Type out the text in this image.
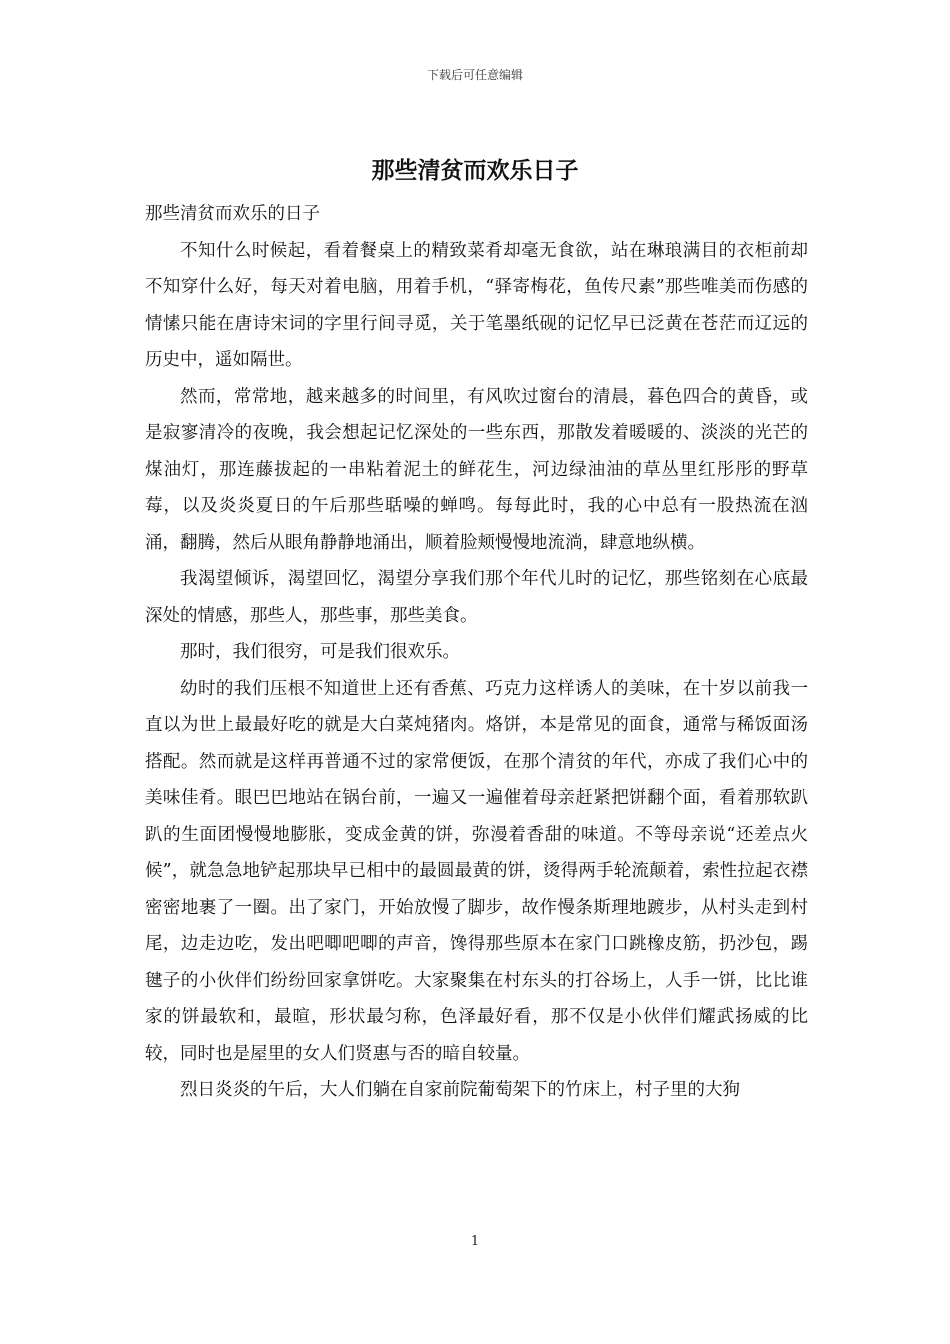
下载后可任意编辑
那些清贫而欢乐日子

那些清贫而欢乐的日子

不知什么时候起，看着餐桌上的精致菜肴却毫无食欲，站在琳琅满目的衣柜前却不知穿什么好，每天对着电脑，用着手机，“驿寄梅花，鱼传尺素”那些唯美而伤感的情愫只能在唐诗宋词的字里行间寻觅，关于笔墨纸砚的记忆早已泛黄在苍茫而辽远的历史中，遥如隔世。

然而，常常地，越来越多的时间里，有风吹过窗台的清晨，暮色四合的黄昏，或是寂寥清冷的夜晚，我会想起记忆深处的一些东西，那散发着暖暖的、淡淡的光芒的煤油灯，那连藤拔起的一串粘着泥土的鲜花生，河边绿油油的草丛里红彤彤的野草莓，以及炎炎夏日的午后那些聒噪的蝉鸣。每每此时，我的心中总有一股热流在汹涌，翻腾，然后从眼角静静地涌出，顺着脸颊慢慢地流淌，肆意地纵横。

我渴望倾诉，渴望回忆，渴望分享我们那个年代儿时的记忆，那些铭刻在心底最深处的情感，那些人，那些事，那些美食。

那时，我们很穷，可是我们很欢乐。

幼时的我们压根不知道世上还有香蕉、巧克力这样诱人的美味，在十岁以前我一直以为世上最最好吃的就是大白菜炖猪肉。烙饼，本是常见的面食，通常与稀饭面汤搭配。然而就是这样再普通不过的家常便饭，在那个清贫的年代，亦成了我们心中的美味佳肴。眼巴巴地站在锅台前，一遍又一遍催着母亲赶紧把饼翻个面，看着那软趴趴的生面团慢慢地膨胀，变成金黄的饼，弥漫着香甜的味道。不等母亲说“还差点火候”，就急急地铲起那块早已相中的最圆最黄的饼，烫得两手轮流颠着，索性拉起衣襟密密地裹了一圈。出了家门，开始放慢了脚步，故作慢条斯理地踱步，从村头走到村尾，边走边吃，发出吧唧吧唧的声音，馋得那些原本在家门口跳橡皮筋，扔沙包，踢毽子的小伙伴们纷纷回家拿饼吃。大家聚集在村东头的打谷场上，人手一饼，比比谁家的饼最软和，最暄，形状最匀称，色泽最好看，那不仅是小伙伴们耀武扬威的比较，同时也是屋里的女人们贤惠与否的暗自较量。

烈日炎炎的午后，大人们躺在自家前院葡萄架下的竹床上，村子里的大狗

1
